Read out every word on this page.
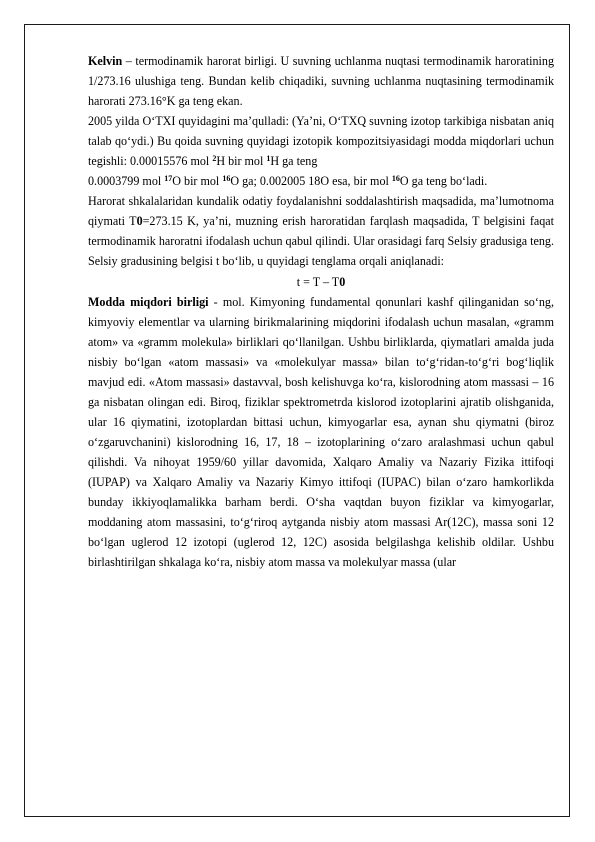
Kelvin – termodinamik harorat birligi. U suvning uchlanma nuqtasi termodinamik haroratining 1/273.16 ulushiga teng. Bundan kelib chiqadiki, suvning uchlanma nuqtasining termodinamik harorati 273.16°K ga teng ekan.

2005 yilda O‘TXI quyidagini ma’qulladi: (Ya’ni, O‘TXQ suvning izotop tarkibiga nisbatan aniq talab qo‘ydi.) Bu qoida suvning quyidagi izotopik kompozitsiyasidagi modda miqdorlari uchun tegishli: 0.00015576 mol $^2$H bir mol $^1$H ga teng

0.0003799 mol $^{17}$O bir mol $^{16}$O ga; 0.002005 18O esa, bir mol $^{16}$O ga teng bo‘ladi.

Harorat shkalalaridan kundalik odatiy foydalanishni soddalashtirish maqsadida, ma’lumotnoma qiymati T0=273.15 K, ya’ni, muzning erish haroratidan farqlash maqsadida, T belgisini faqat termodinamik haroratni ifodalash uchun qabul qilindi. Ular orasidagi farq Selsiy gradusiga teng. Selsiy gradusining belgisi t bo‘lib, u quyidagi tenglama orqali aniqlanadi:

t = T – T0

Modda miqdori birligi - mol. Kimyoning fundamental qonunlari kashf qilinganidan so‘ng, kimyoviy elementlar va ularning birikmalarining miqdorini ifodalash uchun masalan, «gramm atom» va «gramm molekula» birliklari qo‘llanilgan. Ushbu birliklarda, qiymatlari amalda juda nisbiy bo‘lgan «atom massasi» va «molekulyar massa» bilan to‘g‘ridan-to‘g‘ri bog‘liqlik mavjud edi. «Atom massasi» dastavval, bosh kelishuvga ko‘ra, kislorodning atom massasi – 16 ga nisbatan olingan edi. Biroq, fiziklar spektrometrda kislorod izotoplarini ajratib olishganida, ular 16 qiymatini, izotoplardan bittasi uchun, kimyogarlar esa, aynan shu qiymatni (biroz o‘zgaruvchanini) kislorodning 16, 17, 18 – izotoplarining o‘zaro aralashmasi uchun qabul qilishdi. Va nihoyat 1959/60 yillar davomida, Xalqaro Amaliy va Nazariy Fizika ittifoqi (IUPAP) va Xalqaro Amaliy va Nazariy Kimyo ittifoqi (IUPAC) bilan o‘zaro hamkorlikda bunday ikkiyoqlamalikka barham berdi. O‘sha vaqtdan buyon fiziklar va kimyogarlar, moddaning atom massasini, to‘g‘riroq aytganda nisbiy atom massasi Ar(12C), massa soni 12 bo‘lgan uglerod 12 izotopi (uglerod 12, 12C) asosida belgilashga kelishib oldilar. Ushbu birlashtirilgan shkalaga ko‘ra, nisbiy atom massa va molekulyar massa (ular
